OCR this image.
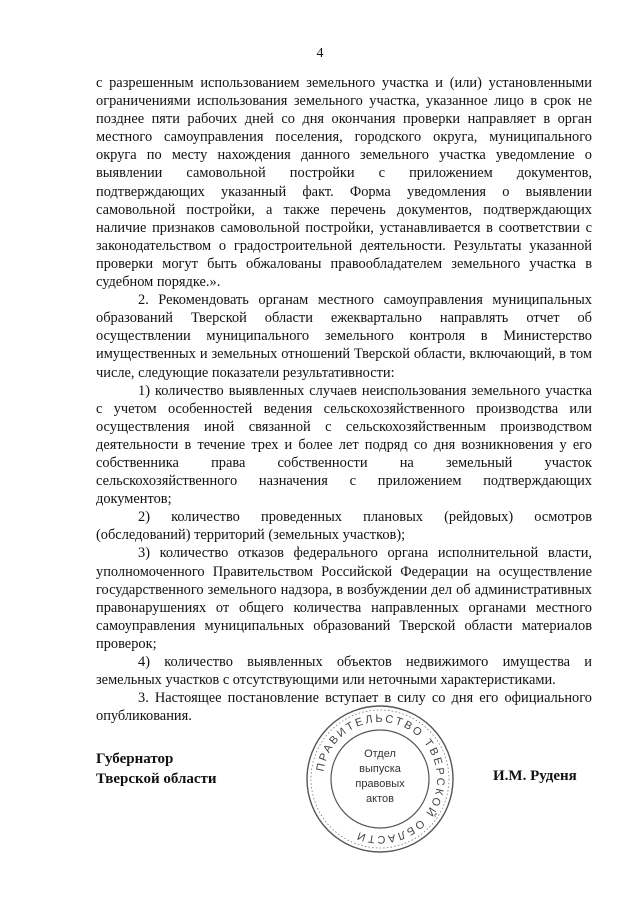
4

с разрешенным использованием земельного участка и (или) установленными ограничениями использования земельного участка, указанное лицо в срок не позднее пяти рабочих дней со дня окончания проверки направляет в орган местного самоуправления поселения, городского округа, муниципального округа по месту нахождения данного земельного участка уведомление о выявлении самовольной постройки с приложением документов, подтверждающих указанный факт. Форма уведомления о выявлении самовольной постройки, а также перечень документов, подтверждающих наличие признаков самовольной постройки, устанавливается в соответствии с законодательством о градостроительной деятельности. Результаты указанной проверки могут быть обжалованы правообладателем земельного участка в судебном порядке.».

2. Рекомендовать органам местного самоуправления муниципальных образований Тверской области ежеквартально направлять отчет об осуществлении муниципального земельного контроля в Министерство имущественных и земельных отношений Тверской области, включающий, в том числе, следующие показатели результативности:

1) количество выявленных случаев неиспользования земельного участка с учетом особенностей ведения сельскохозяйственного производства или осуществления иной связанной с сельскохозяйственным производством деятельности в течение трех и более лет подряд со дня возникновения у его собственника права собственности на земельный участок сельскохозяйственного назначения с приложением подтверждающих документов;

2) количество проведенных плановых (рейдовых) осмотров (обследований) территорий (земельных участков);

3) количество отказов федерального органа исполнительной власти, уполномоченного Правительством Российской Федерации на осуществление государственного земельного надзора, в возбуждении дел об административных правонарушениях от общего количества направленных органами местного самоуправления муниципальных образований Тверской области материалов проверок;

4) количество выявленных объектов недвижимого имущества и земельных участков с отсутствующими или неточными характеристиками.

3. Настоящее постановление вступает в силу со дня его официального опубликования.

Губернатор
Тверской области
ПРАВИТЕЛЬСТВО ТВЕРСКОЙ ОБЛАСТИ
Отдел
выпуска
правовых
актов
И.М. Руденя
